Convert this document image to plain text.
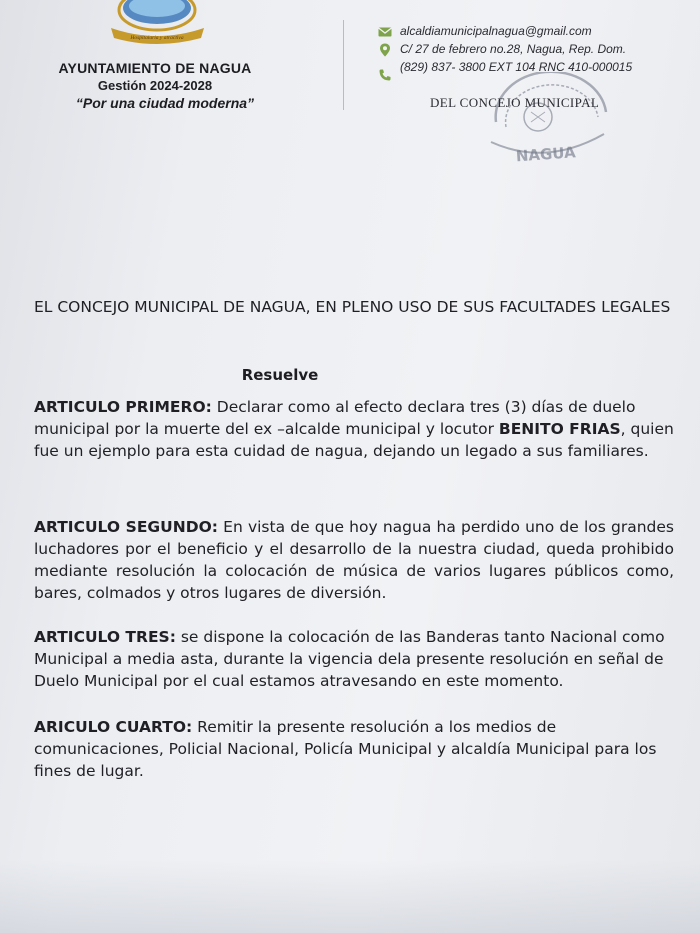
Hospitalaria y atractiva
AYUNTAMIENTO DE NAGUA
Gestión 2024-2028
“Por una ciudad moderna”
alcaldiamunicipalnagua@gmail.com
C/ 27 de febrero no.28, Nagua, Rep. Dom.
(829) 837- 3800 EXT 104 RNC 410-000015
NAGUA
DEL CONCEJO MUNICIPAL
EL CONCEJO MUNICIPAL DE NAGUA, EN PLENO USO DE SUS FACULTADES LEGALES
Resuelve
ARTICULO PRIMERO: Declarar como al efecto declara tres (3) días de duelo municipal por la muerte del ex –alcalde municipal y locutor BENITO FRIAS, quien fue un ejemplo para esta cuidad de nagua, dejando un legado a sus familiares.
ARTICULO SEGUNDO: En vista de que hoy nagua ha perdido uno de los grandes luchadores por el beneficio y el desarrollo de la nuestra ciudad, queda prohibido mediante resolución la colocación de música de varios lugares públicos como, bares, colmados y otros lugares de diversión.
ARTICULO TRES: se dispone la colocación de las Banderas tanto Nacional como Municipal a media asta, durante la vigencia dela presente resolución en señal de Duelo Municipal por el cual estamos atravesando en este momento.
ARICULO CUARTO: Remitir la presente resolución a los medios de comunicaciones, Policial Nacional, Policía Municipal y alcaldía Municipal para los fines de lugar.
